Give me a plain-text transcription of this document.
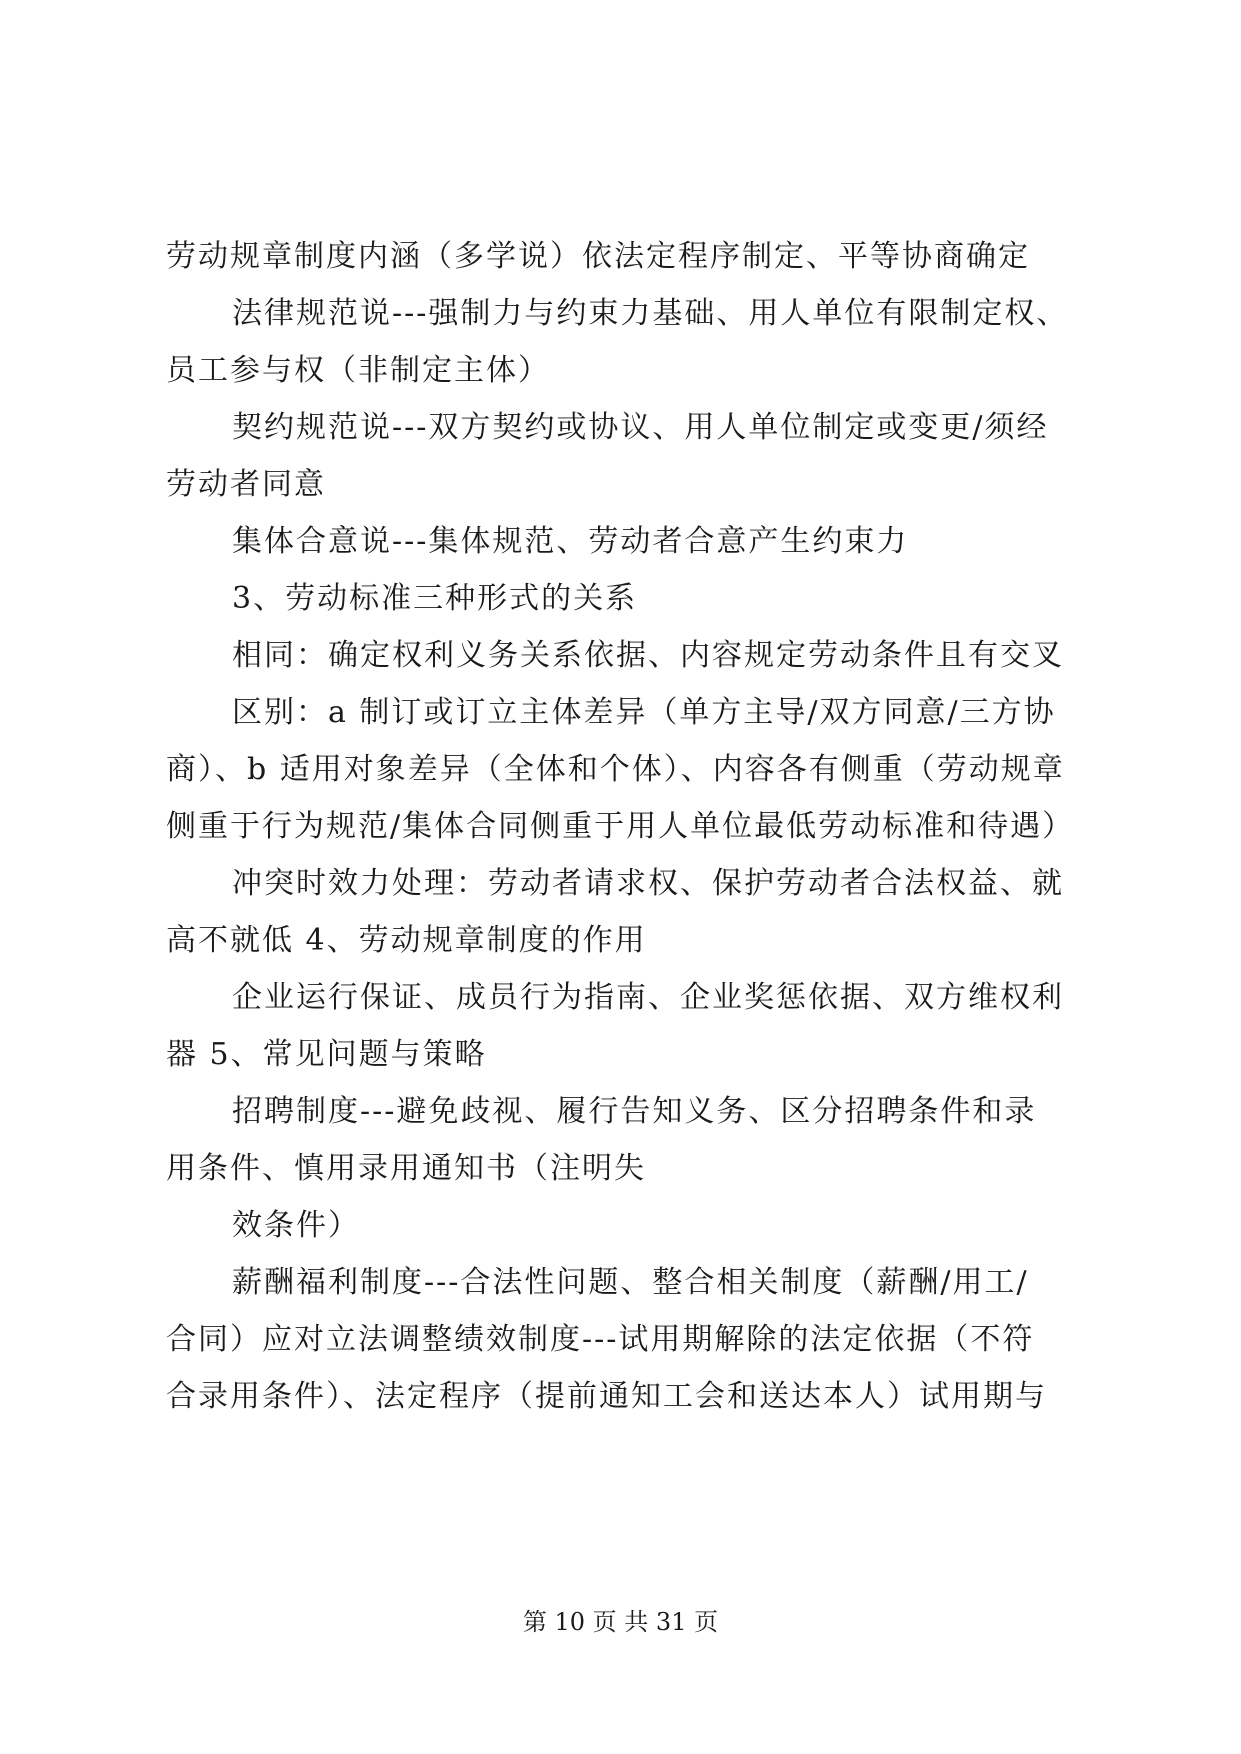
劳动规章制度内涵（多学说）依法定程序制定、平等协商确定
法律规范说---强制力与约束力基础、用人单位有限制定权、
员工参与权（非制定主体）
契约规范说---双方契约或协议、用人单位制定或变更/须经
劳动者同意
集体合意说---集体规范、劳动者合意产生约束力
3、劳动标准三种形式的关系
相同：确定权利义务关系依据、内容规定劳动条件且有交叉
区别：a 制订或订立主体差异（单方主导/双方同意/三方协
商）、b 适用对象差异（全体和个体）、内容各有侧重（劳动规章
侧重于行为规范/集体合同侧重于用人单位最低劳动标准和待遇）
冲突时效力处理：劳动者请求权、保护劳动者合法权益、就
高不就低 4、劳动规章制度的作用
企业运行保证、成员行为指南、企业奖惩依据、双方维权利
器 5、常见问题与策略
招聘制度---避免歧视、履行告知义务、区分招聘条件和录
用条件、慎用录用通知书（注明失
效条件）
薪酬福利制度---合法性问题、整合相关制度（薪酬/用工/
合同）应对立法调整绩效制度---试用期解除的法定依据（不符
合录用条件）、法定程序（提前通知工会和送达本人）试用期与
第 10 页 共 31 页
